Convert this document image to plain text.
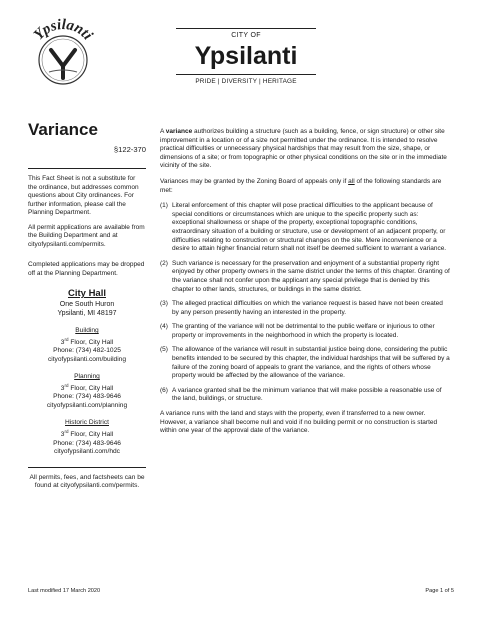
Ypsilanti	CITY OF
Ypsilanti
PRIDE | DIVERSITY | HERITAGE
Variance
§122-370

This Fact Sheet is not a substitute for the ordinance, but addresses common questions about City ordinances. For further information, please call the Planning Department.

All permit applications are available from the Building Department and at cityofypsilanti.com/permits.

Completed applications may be dropped off at the Planning Department.

City Hall
One South Huron
Ypsilanti, MI 48197
Building
3rd Floor, City Hall
Phone: (734) 482-1025
cityofypsilanti.com/building
Planning
3rd Floor, City Hall
Phone: (734) 483-9646
cityofypsilanti.com/planning
Historic District
3rd Floor, City Hall
Phone: (734) 483-9646
cityofypsilanti.com/hdc
All permits, fees, and factsheets can be found at cityofypsilanti.com/permits.

A variance authorizes building a structure (such as a building, fence, or sign structure) or other site improvement in a location or of a size not permitted under the ordinance. It is intended to resolve practical difficulties or unnecessary physical hardships that may result from the size, shape, or dimensions of a site; or from topographic or other physical conditions on the site or in the immediate vicinity of the site.

Variances may be granted by the Zoning Board of appeals only if all of the following standards are met:

(1) Literal enforcement of this chapter will pose practical difficulties to the applicant because of special conditions or circumstances which are unique to the specific property such as: exceptional shallowness or shape of the property, exceptional topographic conditions, extraordinary situation of a building or structure, use or development of an adjacent property, or difficulties relating to construction or structural changes on the site. Mere inconvenience or a desire to attain higher financial return shall not itself be deemed sufficient to warrant a variance.
(2) Such variance is necessary for the preservation and enjoyment of a substantial property right enjoyed by other property owners in the same district under the terms of this chapter. Granting of the variance shall not confer upon the applicant any special privilege that is denied by this chapter to other lands, structures, or buildings in the same district.
(3) The alleged practical difficulties on which the variance request is based have not been created by any person presently having an interested in the property.
(4) The granting of the variance will not be detrimental to the public welfare or injurious to other property or improvements in the neighborhood in which the property is located.
(5) The allowance of the variance will result in substantial justice being done, considering the public benefits intended to be secured by this chapter, the individual hardships that will be suffered by a failure of the zoning board of appeals to grant the variance, and the rights of others whose property would be affected by the allowance of the variance.
(6) A variance granted shall be the minimum variance that will make possible a reasonable use of the land, buildings, or structure.

A variance runs with the land and stays with the property, even if transferred to a new owner. However, a variance shall become null and void if no building permit or no construction is started within one year of the approval date of the variance.

Last modified 17 March 2020	Page 1 of 5
